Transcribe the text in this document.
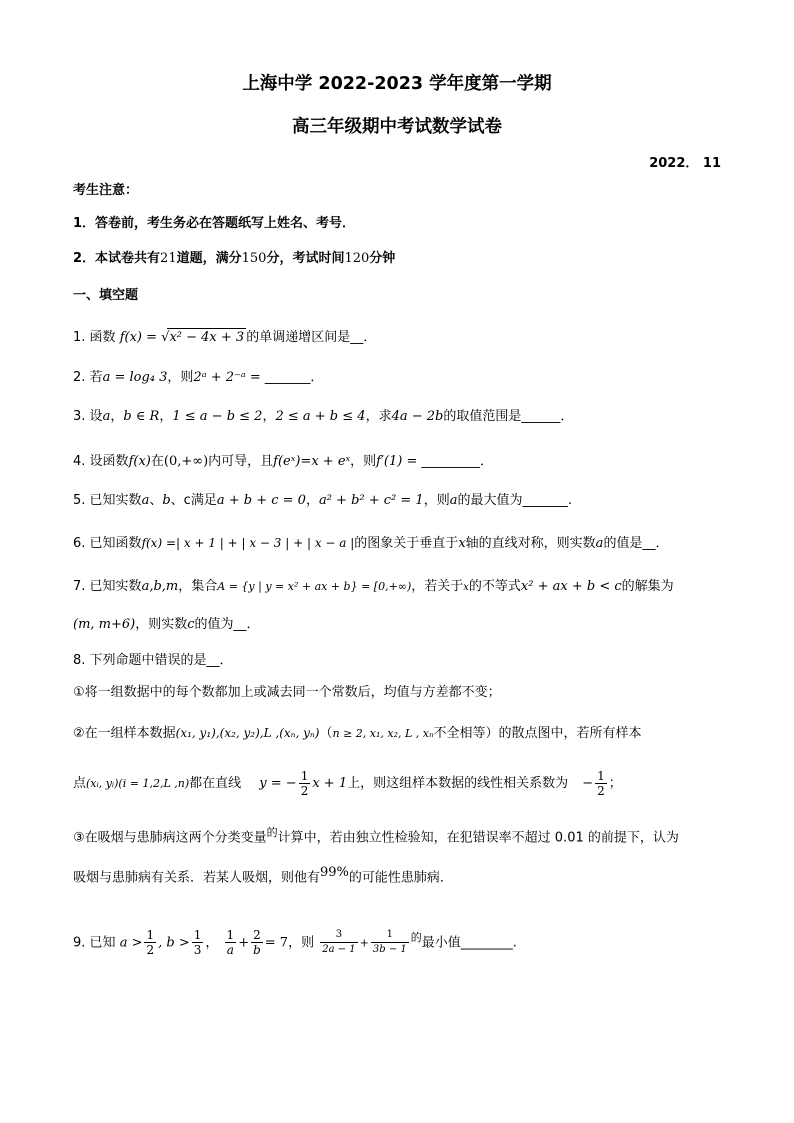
上海中学 2022-2023 学年度第一学期
高三年级期中考试数学试卷
2022． 11
考生注意：
1．答卷前，考生务必在答题纸写上姓名、考号．
2．本试卷共有21道题，满分150分，考试时间120分钟
一、填空题
1. 函数 f(x) = √x² − 4x + 3 的单调递增区间是__．
2. 若a = log₄ 3，则2ᵃ + 2⁻ᵃ = _______．
3. 设a，b ∈ R，1 ≤ a − b ≤ 2，2 ≤ a + b ≤ 4，求4a − 2b的取值范围是______．
4. 设函数f(x)在(0,+∞)内可导，且f(eˣ)=x + eˣ，则f′(1) = _________．
5. 已知实数a、b、c满足a + b + c = 0，a² + b² + c² = 1，则a的最大值为_______.
6. 已知函数f(x) =| x + 1 | + | x − 3 | + | x − a |的图象关于垂直于x轴的直线对称，则实数a的值是__．
7. 已知实数a,b,m，集合A = {y | y = x² + ax + b} = [0,+∞)，若关于x的不等式x² + ax + b < c的解集为
(m, m+6)，则实数c的值为__．
8. 下列命题中错误的是__．
①将一组数据中的每个数都加上或减去同一个常数后，均值与方差都不变；
②在一组样本数据(x₁, y₁),(x₂, y₂),L ,(xₙ, yₙ)（n ≥ 2, x₁, x₂, L , xₙ不全相等）的散点图中，若所有样本
点(xᵢ, yᵢ)(i = 1,2,L ,n)都在直线 y = − $\frac{1}{2}$ x + 1上，则这组样本数据的线性相关系数为 − $\frac{1}{2}$ ；
③在吸烟与患肺病这两个分类变量$^的$计算中，若由独立性检验知，在犯错误率不超过 0.01 的前提下，认为
吸烟与患肺病有关系．若某人吸烟，则他有99%的可能性患肺病．
9. 已知 $a > \frac{1}{2}$ , $b > \frac{1}{3}$ ， $\frac{1}{a} + \frac{2}{b} = 7$，则 $\frac{3}{2a - 1} + \frac{1}{3b - 1} ^的$最小值________.
